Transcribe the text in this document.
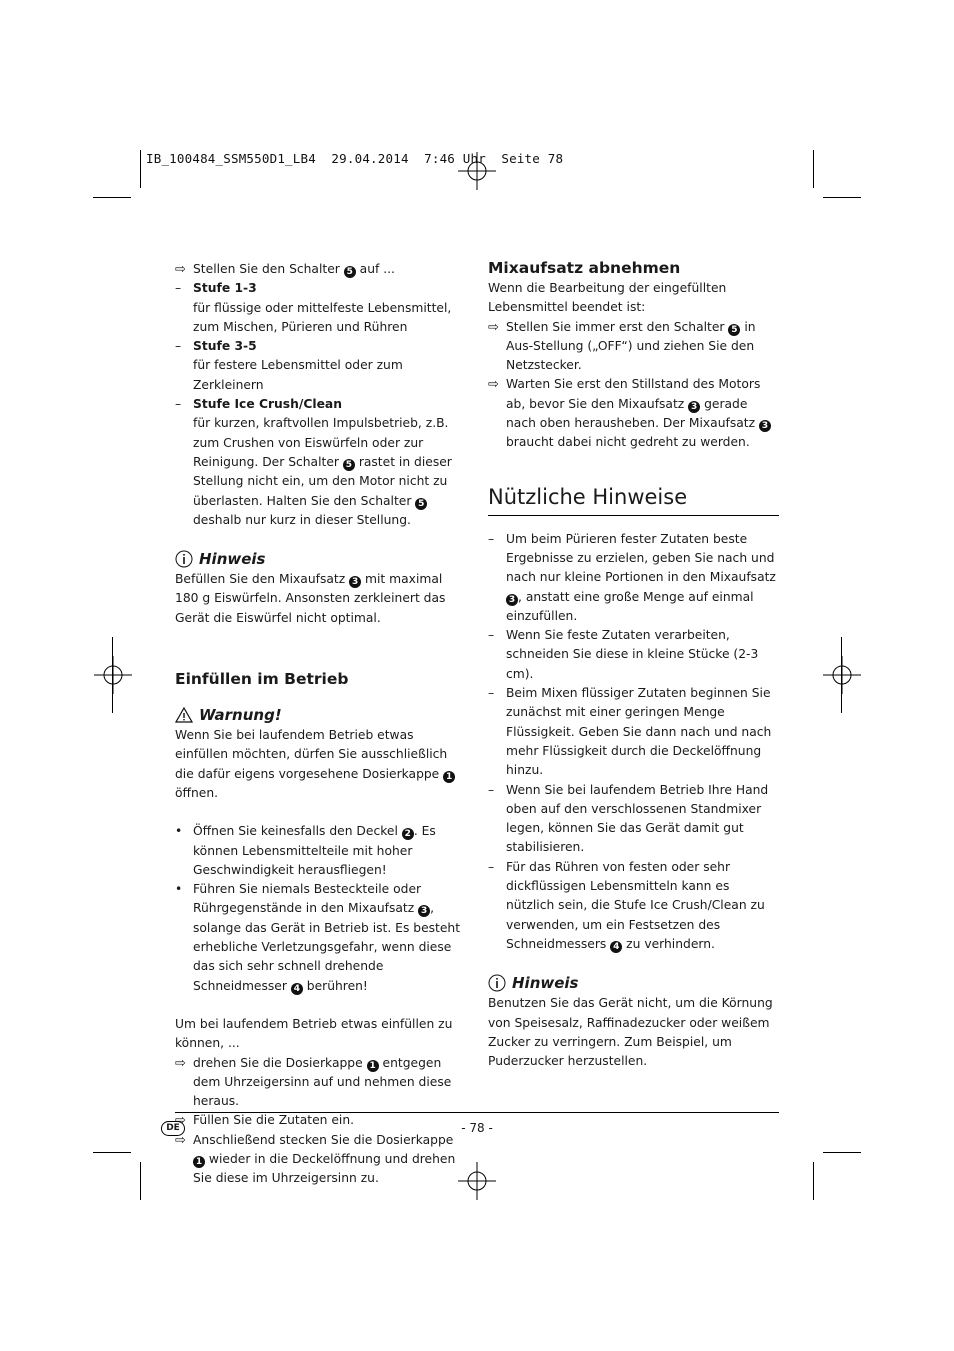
IB_100484_SSM550D1_LB4  29.04.2014  7:46 Uhr  Seite 78
⇨ Stellen Sie den Schalter 5 auf ...
– Stufe 1-3
für flüssige oder mittelfeste Lebensmittel, zum Mischen, Pürieren und Rühren
– Stufe 3-5
für festere Lebensmittel oder zum Zerkleinern
– Stufe Ice Crush/Clean
für kurzen, kraftvollen Impulsbetrieb, z.B. zum Crushen von Eiswürfeln oder zur Reinigung. Der Schalter 5 rastet in dieser Stellung nicht ein, um den Motor nicht zu überlasten. Halten Sie den Schalter 5 deshalb nur kurz in dieser Stellung.
Hinweis

Befüllen Sie den Mixaufsatz 3 mit maximal 180 g Eiswürfeln. Ansonsten zerkleinert das Gerät die Eiswürfel nicht optimal.

Einfüllen im Betrieb
Warnung!

Wenn Sie bei laufendem Betrieb etwas einfüllen möchten, dürfen Sie ausschließlich die dafür eigens vorgesehene Dosierkappe 1 öffnen.

• Öffnen Sie keinesfalls den Deckel 2 . Es können Lebensmittelteile mit hoher Geschwindigkeit herausfliegen!
• Führen Sie niemals Besteckteile oder Rührgegenstände in den Mixaufsatz 3 , solange das Gerät in Betrieb ist. Es besteht erhebliche Verletzungsgefahr, wenn diese das sich sehr schnell drehende Schneidmesser 4 berühren!

Um bei laufendem Betrieb etwas einfüllen zu können, ...

⇨ drehen Sie die Dosierkappe 1 entgegen dem Uhrzeigersinn auf und nehmen diese heraus.
⇨ Füllen Sie die Zutaten ein.
⇨ Anschließend stecken Sie die Dosierkappe 1 wieder in die Deckelöffnung und drehen Sie diese im Uhrzeigersinn zu.
Mixaufsatz abnehmen

Wenn die Bearbeitung der eingefüllten Lebensmittel beendet ist:

⇨ Stellen Sie immer erst den Schalter 5 in Aus-Stellung („OFF“) und ziehen Sie den Netzstecker.
⇨ Warten Sie erst den Stillstand des Motors ab, bevor Sie den Mixaufsatz 3 gerade nach oben herausheben. Der Mixaufsatz 3 braucht dabei nicht gedreht zu werden.
Nützliche Hinweise
– Um beim Pürieren fester Zutaten beste Ergebnisse zu erzielen, geben Sie nach und nach nur kleine Portionen in den Mixaufsatz 3 , anstatt eine große Menge auf einmal einzufüllen.
– Wenn Sie feste Zutaten verarbeiten, schneiden Sie diese in kleine Stücke (2-3 cm).
– Beim Mixen flüssiger Zutaten beginnen Sie zunächst mit einer geringen Menge Flüssigkeit. Geben Sie dann nach und nach mehr Flüssigkeit durch die Deckelöffnung hinzu.
– Wenn Sie bei laufendem Betrieb Ihre Hand oben auf den verschlossenen Standmixer legen, können Sie das Gerät damit gut stabilisieren.
– Für das Rühren von festen oder sehr dickflüssigen Lebensmitteln kann es nützlich sein, die Stufe Ice Crush/Clean zu verwenden, um ein Festsetzen des Schneidmessers 4 zu verhindern.
Hinweis

Benutzen Sie das Gerät nicht, um die Körnung von Speisesalz, Raffinadezucker oder weißem Zucker zu verringern. Zum Beispiel, um Puderzucker herzustellen.

DE	- 78 -
